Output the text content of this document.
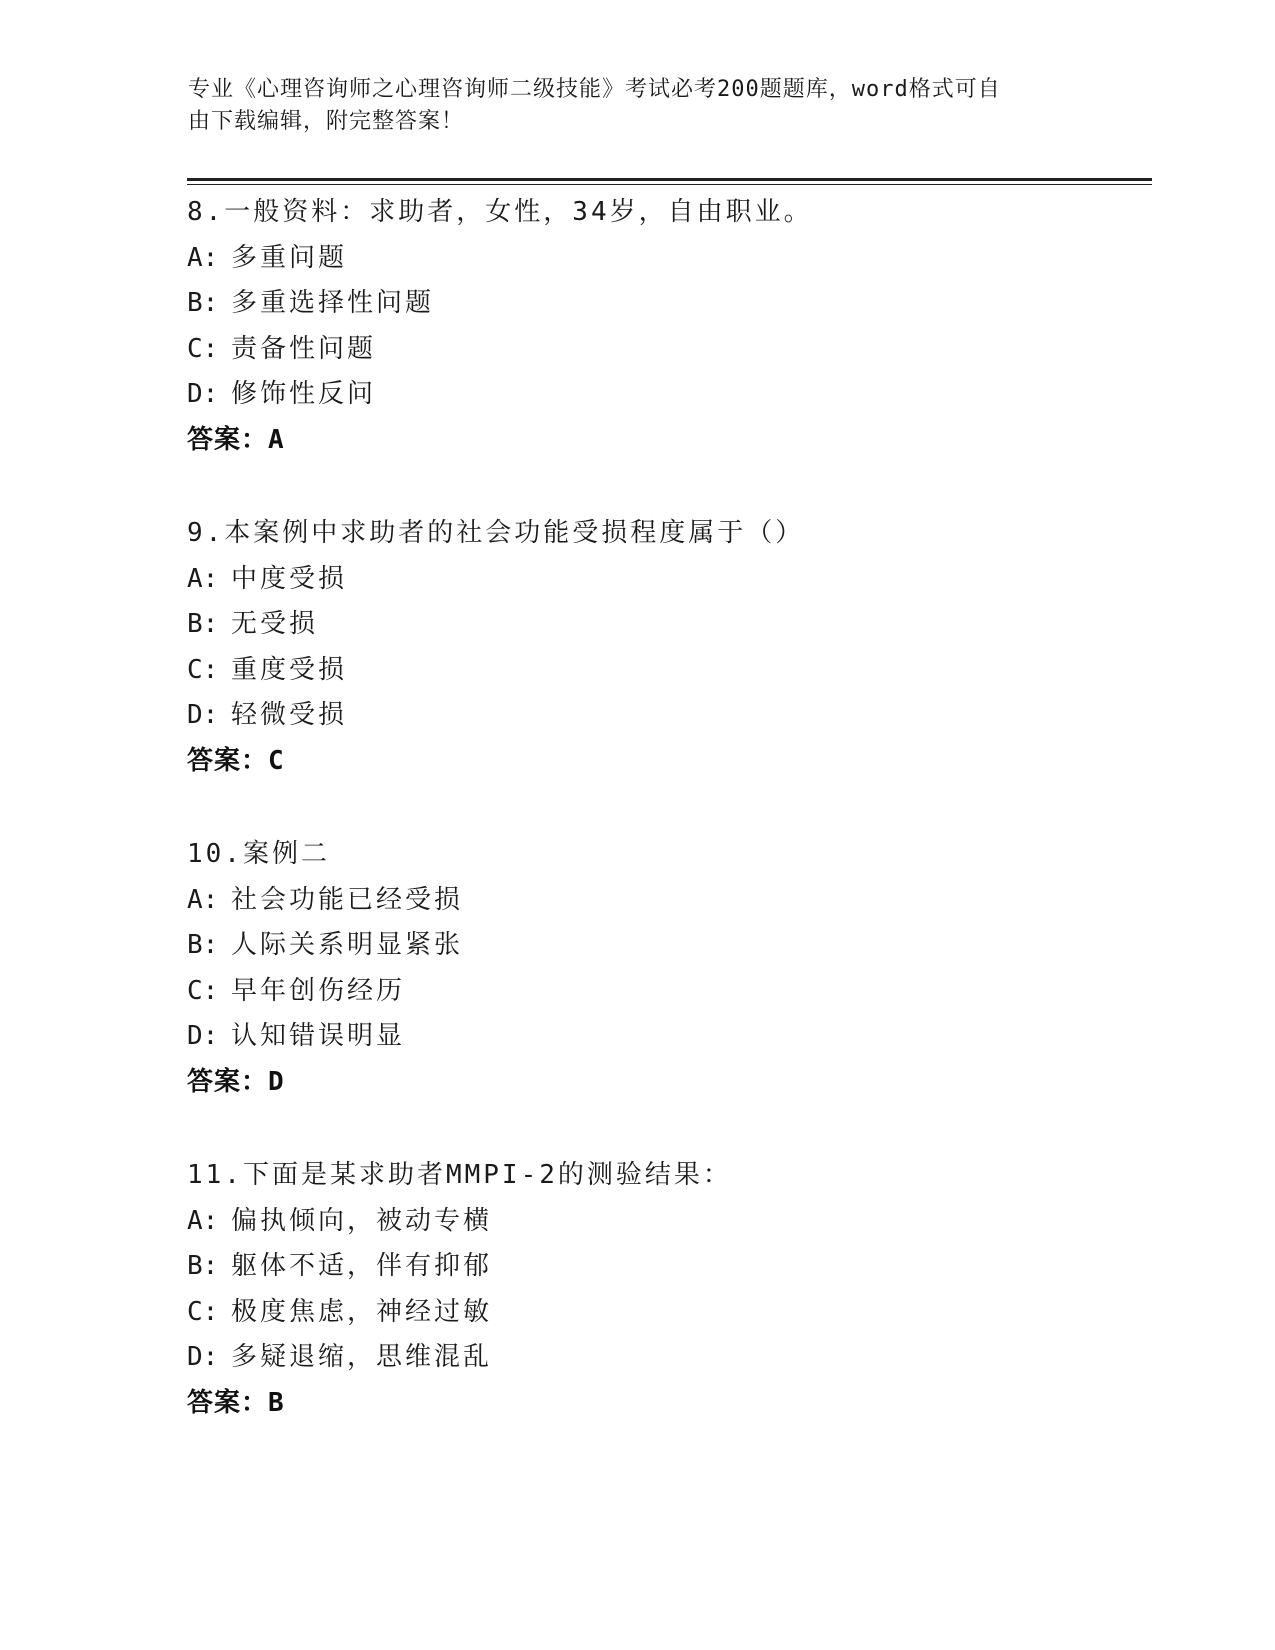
专业《心理咨询师之心理咨询师二级技能》考试必考200题题库，word格式可自
由下载编辑，附完整答案！
8.一般资料：求助者，女性，34岁，自由职业。
A: 多重问题
B: 多重选择性问题
C: 责备性问题
D: 修饰性反问
答案：A
9.本案例中求助者的社会功能受损程度属于（）
A: 中度受损
B: 无受损
C: 重度受损
D: 轻微受损
答案：C
10.案例二
A: 社会功能已经受损
B: 人际关系明显紧张
C: 早年创伤经历
D: 认知错误明显
答案：D
11.下面是某求助者MMPI-2的测验结果：
A: 偏执倾向，被动专横
B: 躯体不适，伴有抑郁
C: 极度焦虑，神经过敏
D: 多疑退缩，思维混乱
答案：B
